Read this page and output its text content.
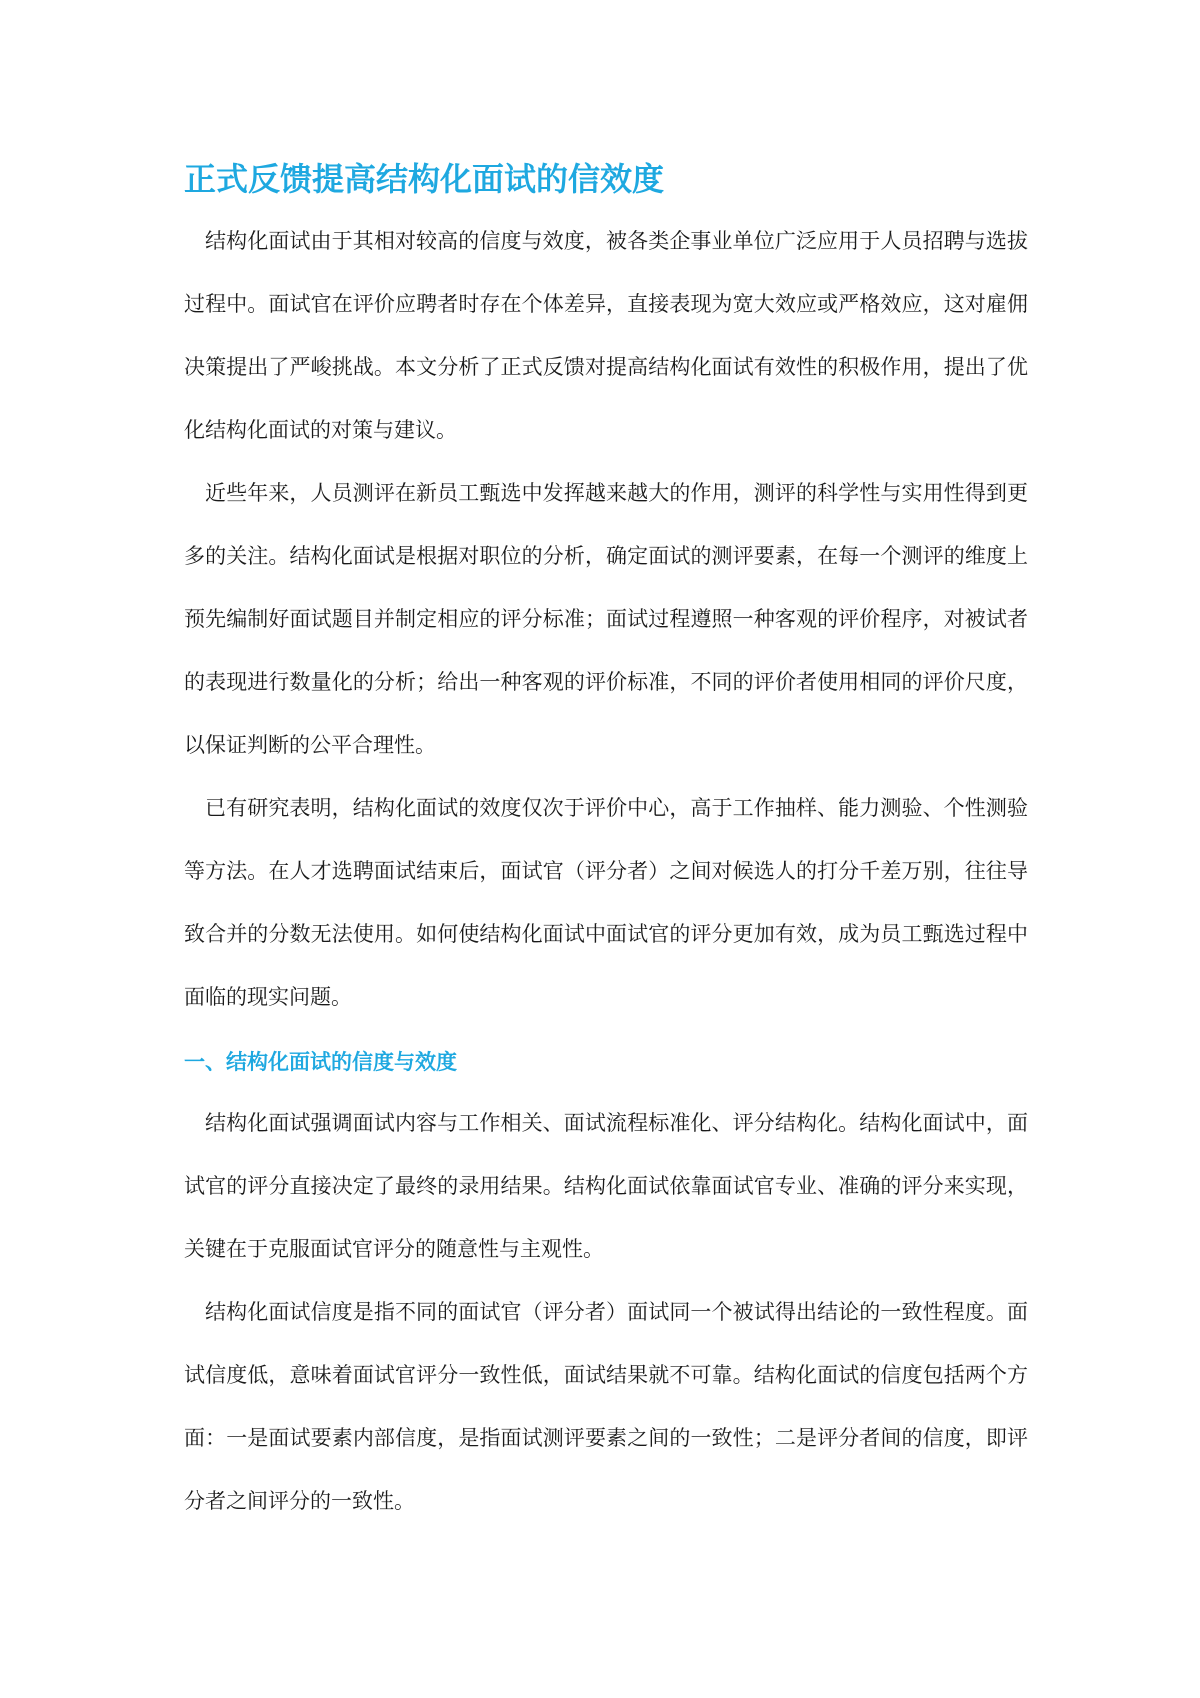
正式反馈提高结构化面试的信效度

结构化面试由于其相对较高的信度与效度，被各类企事业单位广泛应用于人员招聘与选拔过程中。面试官在评价应聘者时存在个体差异，直接表现为宽大效应或严格效应，这对雇佣决策提出了严峻挑战。本文分析了正式反馈对提高结构化面试有效性的积极作用，提出了优化结构化面试的对策与建议。

近些年来，人员测评在新员工甄选中发挥越来越大的作用，测评的科学性与实用性得到更多的关注。结构化面试是根据对职位的分析，确定面试的测评要素，在每一个测评的维度上预先编制好面试题目并制定相应的评分标准；面试过程遵照一种客观的评价程序，对被试者的表现进行数量化的分析；给出一种客观的评价标准，不同的评价者使用相同的评价尺度，以保证判断的公平合理性。

已有研究表明，结构化面试的效度仅次于评价中心，高于工作抽样、能力测验、个性测验等方法。在人才选聘面试结束后，面试官（评分者）之间对候选人的打分千差万别，往往导致合并的分数无法使用。如何使结构化面试中面试官的评分更加有效，成为员工甄选过程中面临的现实问题。

一、结构化面试的信度与效度

结构化面试强调面试内容与工作相关、面试流程标准化、评分结构化。结构化面试中，面试官的评分直接决定了最终的录用结果。结构化面试依靠面试官专业、准确的评分来实现，关键在于克服面试官评分的随意性与主观性。

结构化面试信度是指不同的面试官（评分者）面试同一个被试得出结论的一致性程度。面试信度低，意味着面试官评分一致性低，面试结果就不可靠。结构化面试的信度包括两个方面：一是面试要素内部信度，是指面试测评要素之间的一致性；二是评分者间的信度，即评分者之间评分的一致性。
